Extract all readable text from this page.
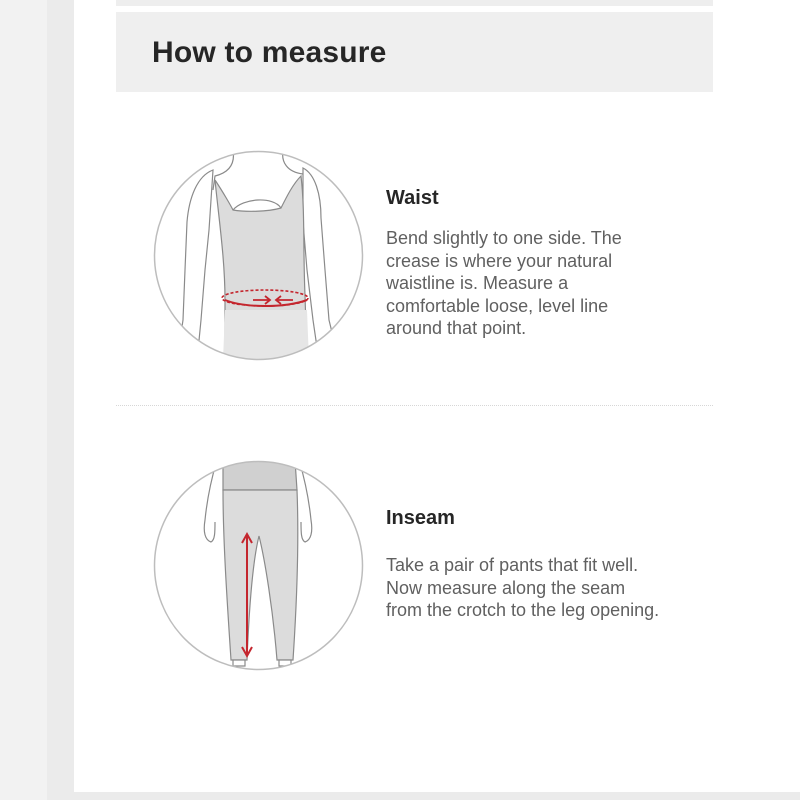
How to measure
Waist

Bend slightly to one side. The
crease is where your natural
waistline is. Measure a
comfortable loose, level line
around that point.

Inseam

Take a pair of pants that fit well.
Now measure along the seam
from the crotch to the leg opening.
